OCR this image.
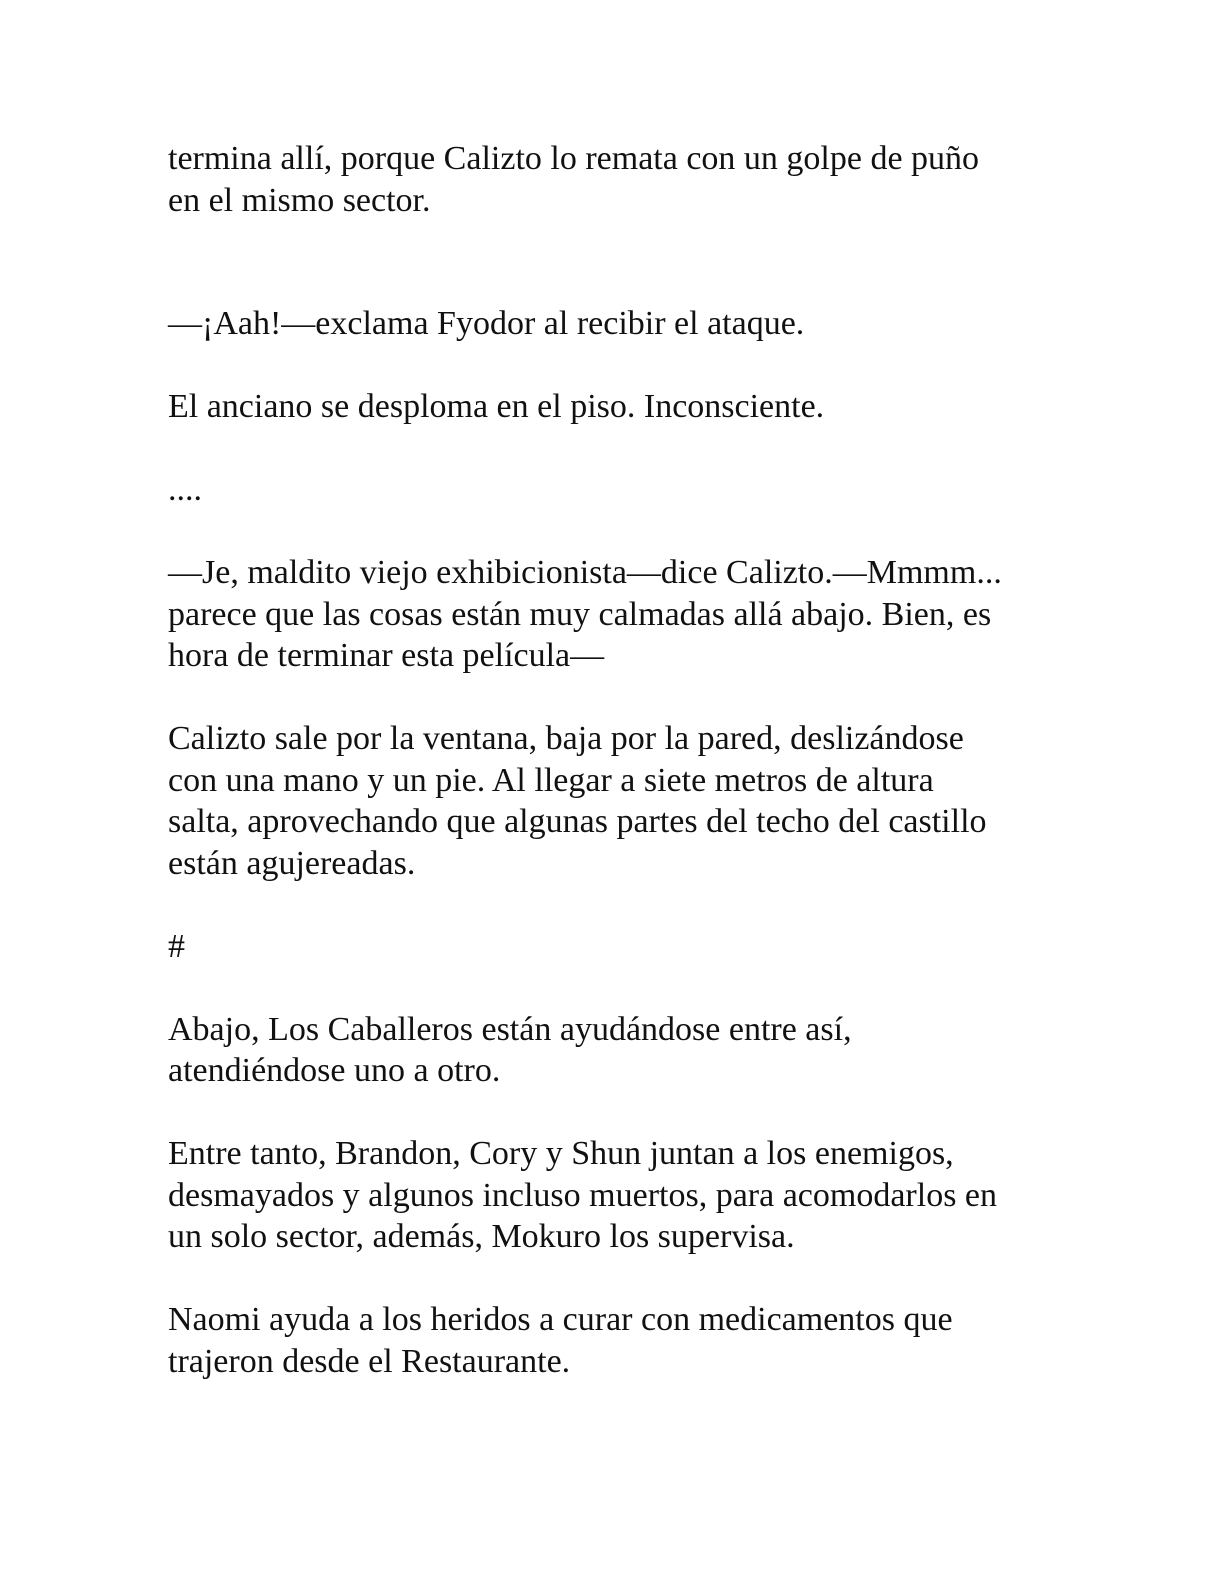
termina allí, porque Calizto lo remata con un golpe de puño
en el mismo sector.

—¡Aah!—exclama Fyodor al recibir el ataque.

El anciano se desploma en el piso. Inconsciente.

....

—Je, maldito viejo exhibicionista—dice Calizto.—Mmmm...
parece que las cosas están muy calmadas allá abajo. Bien, es
hora de terminar esta película—

Calizto sale por la ventana, baja por la pared, deslizándose
con una mano y un pie. Al llegar a siete metros de altura
salta, aprovechando que algunas partes del techo del castillo
están agujereadas.

#

Abajo, Los Caballeros están ayudándose entre así,
atendiéndose uno a otro.

Entre tanto, Brandon, Cory y Shun juntan a los enemigos,
desmayados y algunos incluso muertos, para acomodarlos en
un solo sector, además, Mokuro los supervisa.

Naomi ayuda a los heridos a curar con medicamentos que
trajeron desde el Restaurante.
